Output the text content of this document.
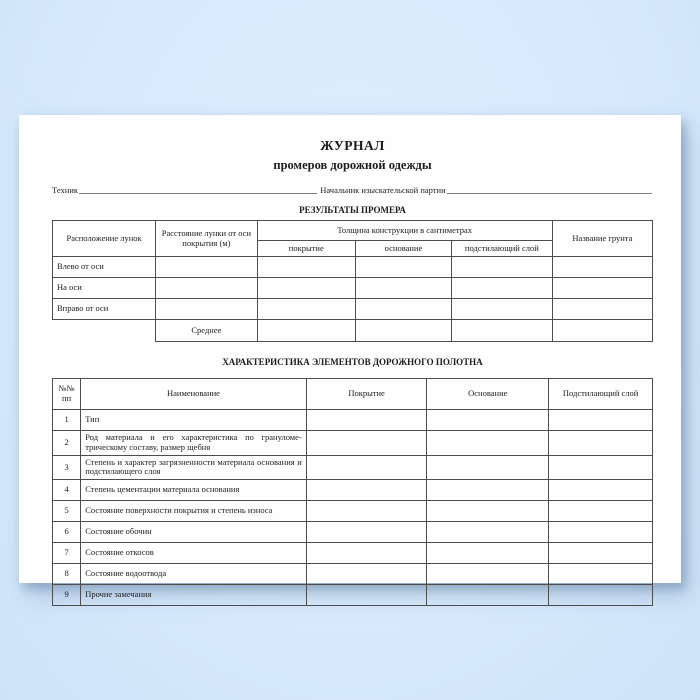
ЖУРНАЛ
промеров дорожной одежды
Техник	Начальник изыскательской партии
РЕЗУЛЬТАТЫ ПРОМЕРА
Расположение лунок	Расстояние лунки от оси покрытия (м)	Толщина конструкции в сантиметрах			Название грунта
		покрытие	основание	подстилающий слой	
Влево от оси					
На оси					
Вправо от оси					
	Среднее				
ХАРАКТЕРИСТИКА ЭЛЕМЕНТОВ ДОРОЖНОГО ПОЛОТНА
№№ пп	Наименование	Покрытие	Основание	Подстилающий слой
1	Тип			
2	Род материала и его характеристика по гранулометрическому составу, размер щебня			
3	Степень и характер загрязненности материала основания и подстилающего слоя			
4	Степень цементации материала основания			
5	Состояние поверхности покрытия и степень износа			
6	Состояние обочин			
7	Состояние откосов			
8	Состояние водоотвода			
9	Прочие замечания			
